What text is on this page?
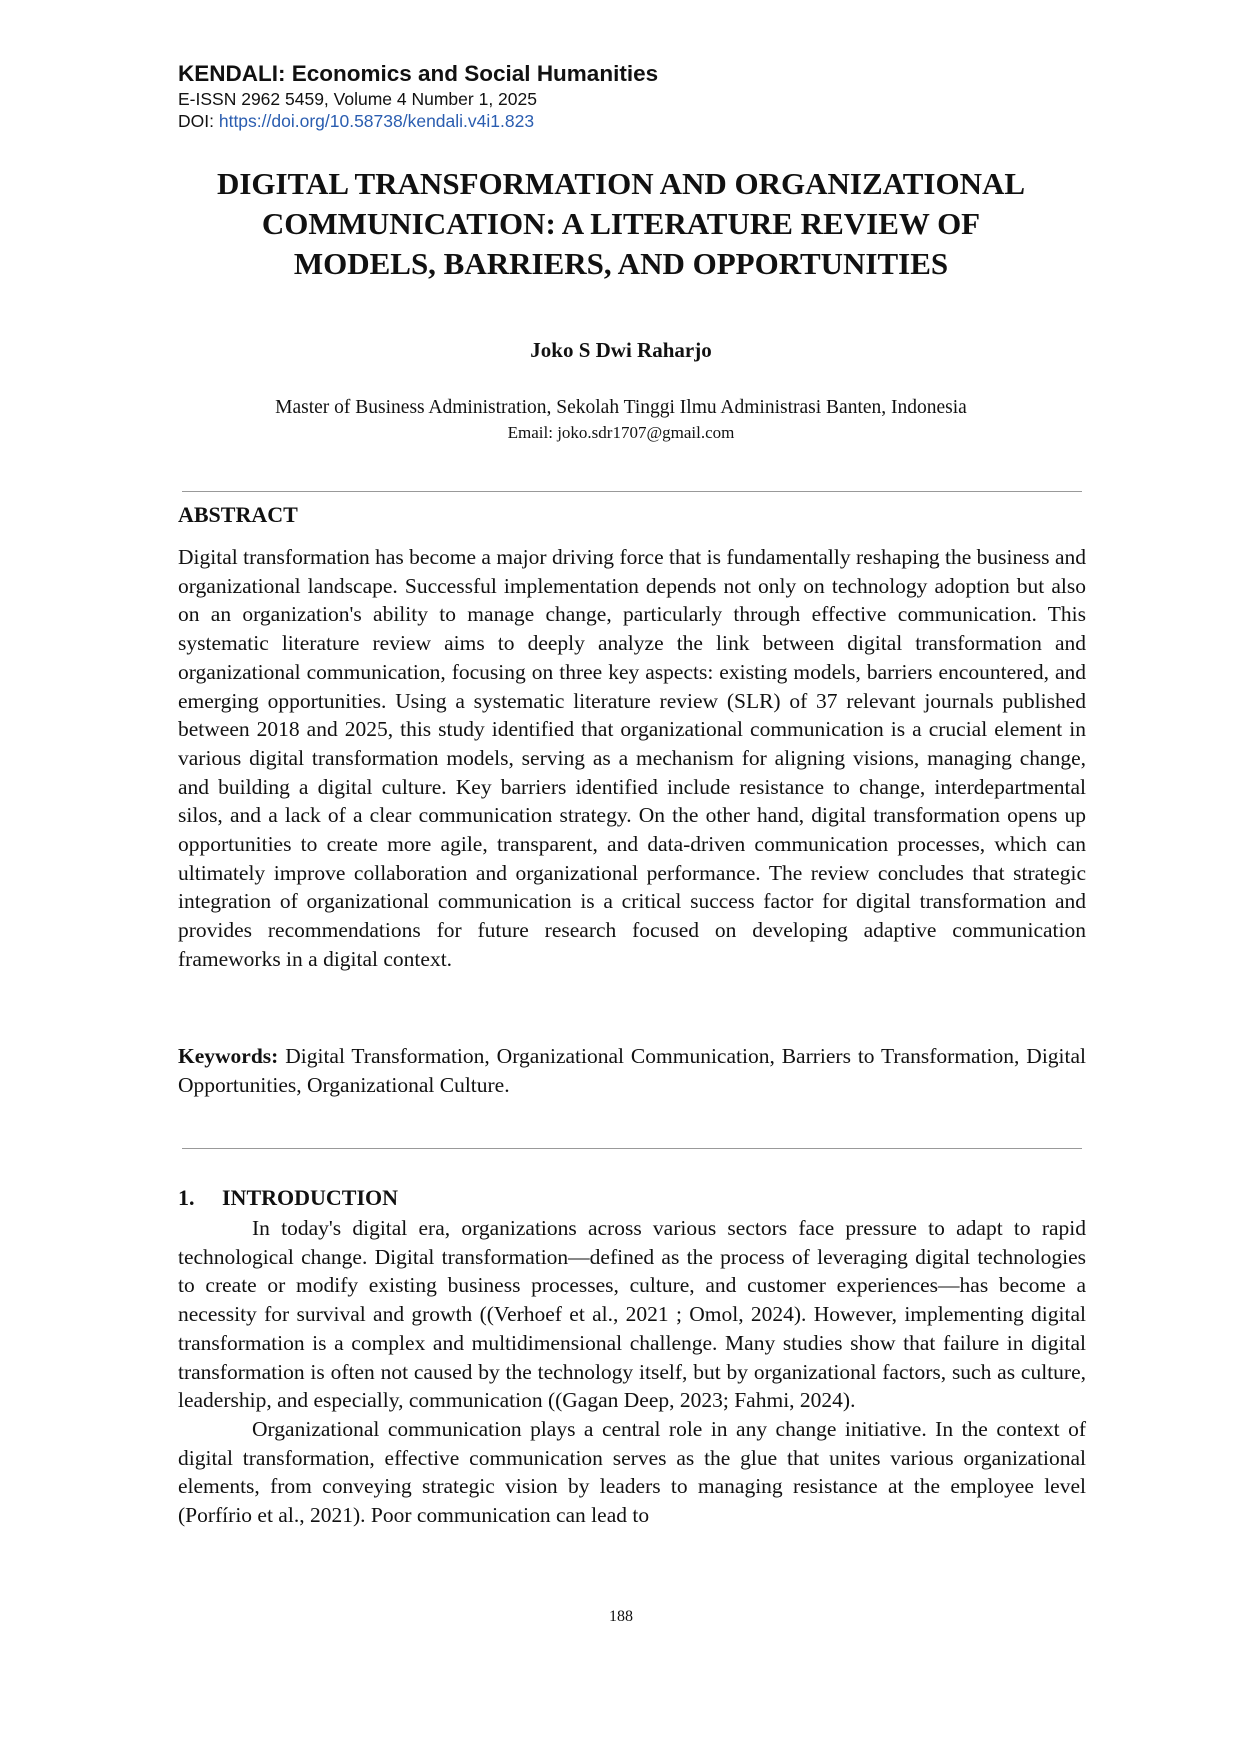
KENDALI: Economics and Social Humanities
E-ISSN 2962 5459, Volume 4 Number 1, 2025
DOI: https://doi.org/10.58738/kendali.v4i1.823
DIGITAL TRANSFORMATION AND ORGANIZATIONAL
COMMUNICATION: A LITERATURE REVIEW OF
MODELS, BARRIERS, AND OPPORTUNITIES
Joko S Dwi Raharjo
Master of Business Administration, Sekolah Tinggi Ilmu Administrasi Banten, Indonesia
Email: joko.sdr1707@gmail.com
ABSTRACT

Digital transformation has become a major driving force that is fundamentally reshaping the business and organizational landscape. Successful implementation depends not only on technology adoption but also on an organization's ability to manage change, particularly through effective communication. This systematic literature review aims to deeply analyze the link between digital transformation and organizational communication, focusing on three key aspects: existing models, barriers encountered, and emerging opportunities. Using a systematic literature review (SLR) of 37 relevant journals published between 2018 and 2025, this study identified that organizational communication is a crucial element in various digital transformation models, serving as a mechanism for aligning visions, managing change, and building a digital culture. Key barriers identified include resistance to change, interdepartmental silos, and a lack of a clear communication strategy. On the other hand, digital transformation opens up opportunities to create more agile, transparent, and data-driven communication processes, which can ultimately improve collaboration and organizational performance. The review concludes that strategic integration of organizational communication is a critical success factor for digital transformation and provides recommendations for future research focused on developing adaptive communication frameworks in a digital context.

Keywords: Digital Transformation, Organizational Communication, Barriers to Transformation, Digital Opportunities, Organizational Culture.

1. INTRODUCTION

In today's digital era, organizations across various sectors face pressure to adapt to rapid technological change. Digital transformation—defined as the process of leveraging digital technologies to create or modify existing business processes, culture, and customer experiences—has become a necessity for survival and growth ((Verhoef et al., 2021 ; Omol, 2024). However, implementing digital transformation is a complex and multidimensional challenge. Many studies show that failure in digital transformation is often not caused by the technology itself, but by organizational factors, such as culture, leadership, and especially, communication ((Gagan Deep, 2023; Fahmi, 2024).

Organizational communication plays a central role in any change initiative. In the context of digital transformation, effective communication serves as the glue that unites various organizational elements, from conveying strategic vision by leaders to managing resistance at the employee level (Porfírio et al., 2021). Poor communication can lead to

188
